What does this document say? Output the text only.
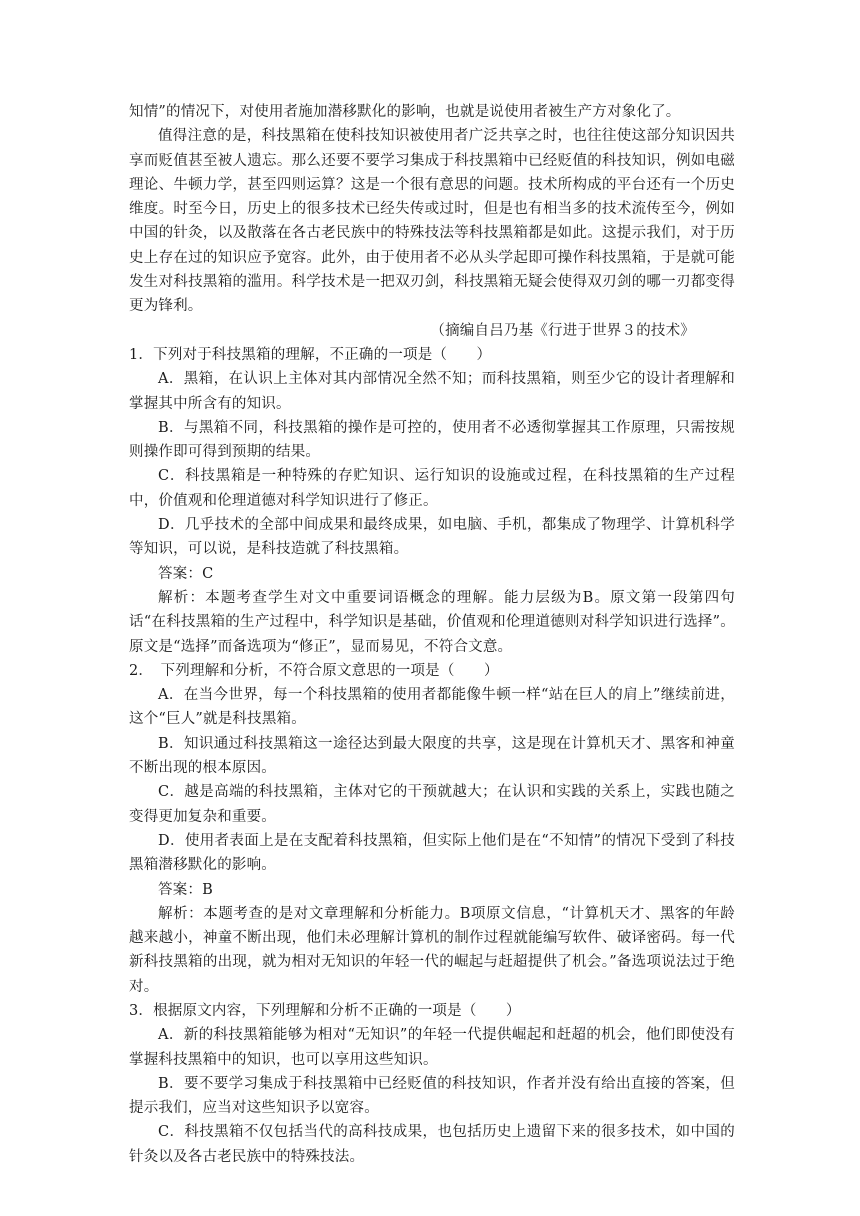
知情”的情况下，对使用者施加潜移默化的影响，也就是说使用者被生产方对象化了。

值得注意的是，科技黑箱在使科技知识被使用者广泛共享之时，也往往使这部分知识因共享而贬值甚至被人遗忘。那么还要不要学习集成于科技黑箱中已经贬值的科技知识，例如电磁理论、牛顿力学，甚至四则运算？这是一个很有意思的问题。技术所构成的平台还有一个历史维度。时至今日，历史上的很多技术已经失传或过时，但是也有相当多的技术流传至今，例如中国的针灸，以及散落在各古老民族中的特殊技法等科技黑箱都是如此。这提示我们，对于历史上存在过的知识应予宽容。此外，由于使用者不必从头学起即可操作科技黑箱，于是就可能发生对科技黑箱的滥用。科学技术是一把双刃剑，科技黑箱无疑会使得双刃剑的哪一刃都变得更为锋利。

（摘编自吕乃基《行进于世界３的技术》

1．下列对于科技黑箱的理解，不正确的一项是（　　）

A．黑箱，在认识上主体对其内部情况全然不知；而科技黑箱，则至少它的设计者理解和掌握其中所含有的知识。

B．与黑箱不同，科技黑箱的操作是可控的，使用者不必透彻掌握其工作原理，只需按规则操作即可得到预期的结果。

C．科技黑箱是一种特殊的存贮知识、运行知识的设施或过程，在科技黑箱的生产过程中，价值观和伦理道德对科学知识进行了修正。

D．几乎技术的全部中间成果和最终成果，如电脑、手机，都集成了物理学、计算机科学等知识，可以说，是科技造就了科技黑箱。

答案：C

解析：本题考查学生对文中重要词语概念的理解。能力层级为B。原文第一段第四句话“在科技黑箱的生产过程中，科学知识是基础，价值观和伦理道德则对科学知识进行选择”。原文是“选择”而备选项为“修正”，显而易见，不符合文意。

2．　下列理解和分析，不符合原文意思的一项是（　　）

A．在当今世界，每一个科技黑箱的使用者都能像牛顿一样“站在巨人的肩上”继续前进，这个“巨人”就是科技黑箱。

B．知识通过科技黑箱这一途径达到最大限度的共享，这是现在计算机天才、黑客和神童不断出现的根本原因。

C．越是高端的科技黑箱，主体对它的干预就越大；在认识和实践的关系上，实践也随之变得更加复杂和重要。

D．使用者表面上是在支配着科技黑箱，但实际上他们是在“不知情”的情况下受到了科技黑箱潜移默化的影响。

答案：B

解析：本题考查的是对文章理解和分析能力。B项原文信息，“计算机天才、黑客的年龄越来越小，神童不断出现，他们未必理解计算机的制作过程就能编写软件、破译密码。每一代新科技黑箱的出现，就为相对无知识的年轻一代的崛起与赶超提供了机会。”备选项说法过于绝对。

3．根据原文内容，下列理解和分析不正确的一项是（　　）

A．新的科技黑箱能够为相对“无知识”的年轻一代提供崛起和赶超的机会，他们即使没有掌握科技黑箱中的知识，也可以享用这些知识。

B．要不要学习集成于科技黑箱中已经贬值的科技知识，作者并没有给出直接的答案，但提示我们，应当对这些知识予以宽容。

C．科技黑箱不仅包括当代的高科技成果，也包括历史上遗留下来的很多技术，如中国的针灸以及各古老民族中的特殊技法。
